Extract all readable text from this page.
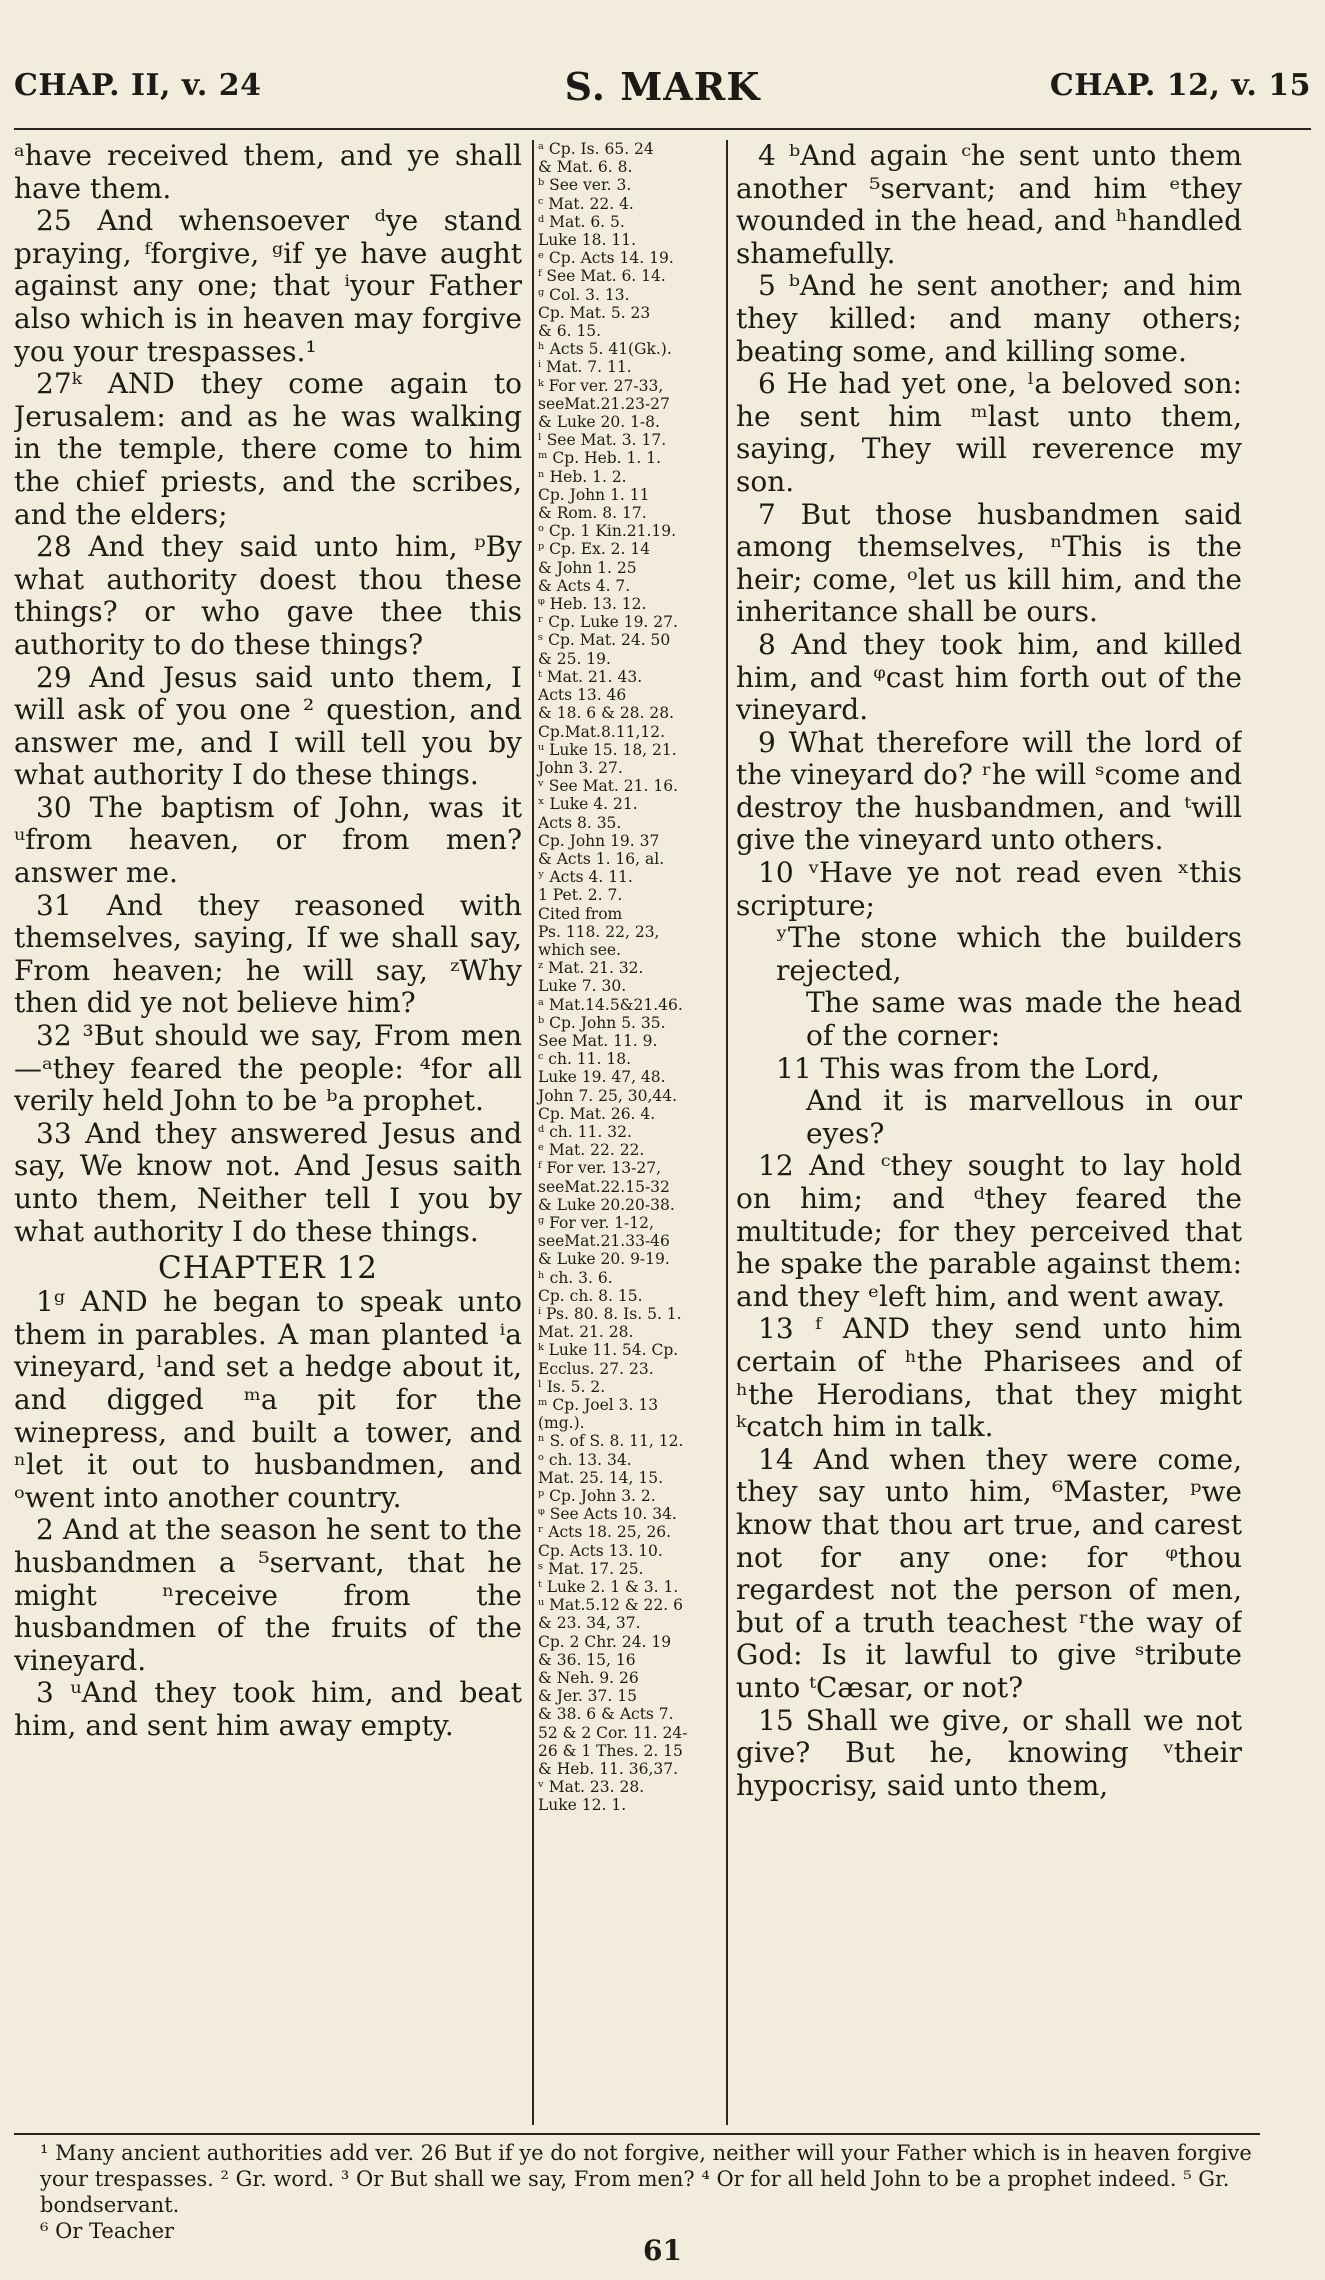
CHAP. II, v. 24	S. MARK	CHAP. 12, v. 15

ᵃhave received them, and ye shall have them.

25 And whensoever ᵈye stand praying, ᶠforgive, ᵍif ye have aught against any one; that ⁱyour Father also which is in heaven may forgive you your trespasses.¹

27ᵏ AND they come again to Jerusalem: and as he was walking in the temple, there come to him the chief priests, and the scribes, and the elders;

28 And they said unto him, ᵖBy what authority doest thou these things? or who gave thee this authority to do these things?

29 And Jesus said unto them, I will ask of you one ² question, and answer me, and I will tell you by what authority I do these things.

30 The baptism of John, was it ᵘfrom heaven, or from men? answer me.

31 And they reasoned with themselves, saying, If we shall say, From heaven; he will say, ᶻWhy then did ye not believe him?

32 ³But should we say, From men—ᵃthey feared the people: ⁴for all verily held John to be ᵇa prophet.

33 And they answered Jesus and say, We know not. And Jesus saith unto them, Neither tell I you by what authority I do these things.

CHAPTER 12

1ᵍ AND he began to speak unto them in parables. A man planted ⁱa vineyard, ˡand set a hedge about it, and digged ᵐa pit for the winepress, and built a tower, and ⁿlet it out to husbandmen, and ᵒwent into another country.

2 And at the season he sent to the husbandmen a ⁵servant, that he might ⁿreceive from the husbandmen of the fruits of the vineyard.

3 ᵘAnd they took him, and beat him, and sent him away empty.

ᵃ Cp. Is. 65. 24

& Mat. 6. 8.

ᵇ See ver. 3.

ᶜ Mat. 22. 4.

ᵈ Mat. 6. 5.

Luke 18. 11.

ᵉ Cp. Acts 14. 19.

ᶠ See Mat. 6. 14.

ᵍ Col. 3. 13.

Cp. Mat. 5. 23

& 6. 15.

ʰ Acts 5. 41(Gk.).

ⁱ Mat. 7. 11.

ᵏ For ver. 27-33,

seeMat.21.23-27

& Luke 20. 1-8.

ˡ See Mat. 3. 17.

ᵐ Cp. Heb. 1. 1.

ⁿ Heb. 1. 2.

Cp. John 1. 11

& Rom. 8. 17.

ᵒ Cp. 1 Kin.21.19.

ᵖ Cp. Ex. 2. 14

& John 1. 25

& Acts 4. 7.

ᵠ Heb. 13. 12.

ʳ Cp. Luke 19. 27.

ˢ Cp. Mat. 24. 50

& 25. 19.

ᵗ Mat. 21. 43.

Acts 13. 46

& 18. 6 & 28. 28.

Cp.Mat.8.11,12.

ᵘ Luke 15. 18, 21.

John 3. 27.

ᵛ See Mat. 21. 16.

ˣ Luke 4. 21.

Acts 8. 35.

Cp. John 19. 37

& Acts 1. 16, al.

ʸ Acts 4. 11.

1 Pet. 2. 7.

Cited from

Ps. 118. 22, 23,

which see.

ᶻ Mat. 21. 32.

Luke 7. 30.

ᵃ Mat.14.5&21.46.

ᵇ Cp. John 5. 35.

See Mat. 11. 9.

ᶜ ch. 11. 18.

Luke 19. 47, 48.

John 7. 25, 30,44.

Cp. Mat. 26. 4.

ᵈ ch. 11. 32.

ᵉ Mat. 22. 22.

ᶠ For ver. 13-27,

seeMat.22.15-32

& Luke 20.20-38.

ᵍ For ver. 1-12,

seeMat.21.33-46

& Luke 20. 9-19.

ʰ ch. 3. 6.

Cp. ch. 8. 15.

ⁱ Ps. 80. 8. Is. 5. 1.

Mat. 21. 28.

ᵏ Luke 11. 54. Cp.

Ecclus. 27. 23.

ˡ Is. 5. 2.

ᵐ Cp. Joel 3. 13

(mg.).

ⁿ S. of S. 8. 11, 12.

ᵒ ch. 13. 34.

Mat. 25. 14, 15.

ᵖ Cp. John 3. 2.

ᵠ See Acts 10. 34.

ʳ Acts 18. 25, 26.

Cp. Acts 13. 10.

ˢ Mat. 17. 25.

ᵗ Luke 2. 1 & 3. 1.

ᵘ Mat.5.12 & 22. 6

& 23. 34, 37.

Cp. 2 Chr. 24. 19

& 36. 15, 16

& Neh. 9. 26

& Jer. 37. 15

& 38. 6 & Acts 7.

52 & 2 Cor. 11. 24-

26 & 1 Thes. 2. 15

& Heb. 11. 36,37.

ᵛ Mat. 23. 28.

Luke 12. 1.

4 ᵇAnd again ᶜhe sent unto them another ⁵servant; and him ᵉthey wounded in the head, and ʰhandled shamefully.

5 ᵇAnd he sent another; and him they killed: and many others; beating some, and killing some.

6 He had yet one, ˡa beloved son: he sent him ᵐlast unto them, saying, They will reverence my son.

7 But those husbandmen said among themselves, ⁿThis is the heir; come, ᵒlet us kill him, and the inheritance shall be ours.

8 And they took him, and killed him, and ᵠcast him forth out of the vineyard.

9 What therefore will the lord of the vineyard do? ʳhe will ˢcome and destroy the husbandmen, and ᵗwill give the vineyard unto others.

10 ᵛHave ye not read even ˣthis scripture;

ʸThe stone which the builders rejected,

The same was made the head of the corner:

11 This was from the Lord,

And it is marvellous in our eyes?

12 And ᶜthey sought to lay hold on him; and ᵈthey feared the multitude; for they perceived that he spake the parable against them: and they ᵉleft him, and went away.

13 ᶠ AND they send unto him certain of ʰthe Pharisees and of ʰthe Herodians, that they might ᵏcatch him in talk.

14 And when they were come, they say unto him, ⁶Master, ᵖwe know that thou art true, and carest not for any one: for ᵠthou regardest not the person of men, but of a truth teachest ʳthe way of God: Is it lawful to give ˢtribute unto ᵗCæsar, or not?

15 Shall we give, or shall we not give? But he, knowing ᵛtheir hypocrisy, said unto them,

¹ Many ancient authorities add ver. 26 But if ye do not forgive, neither will your Father which is in heaven forgive your trespasses. ² Gr. word. ³ Or But shall we say, From men? ⁴ Or for all held John to be a prophet indeed. ⁵ Gr. bondservant.

⁶ Or Teacher

61
